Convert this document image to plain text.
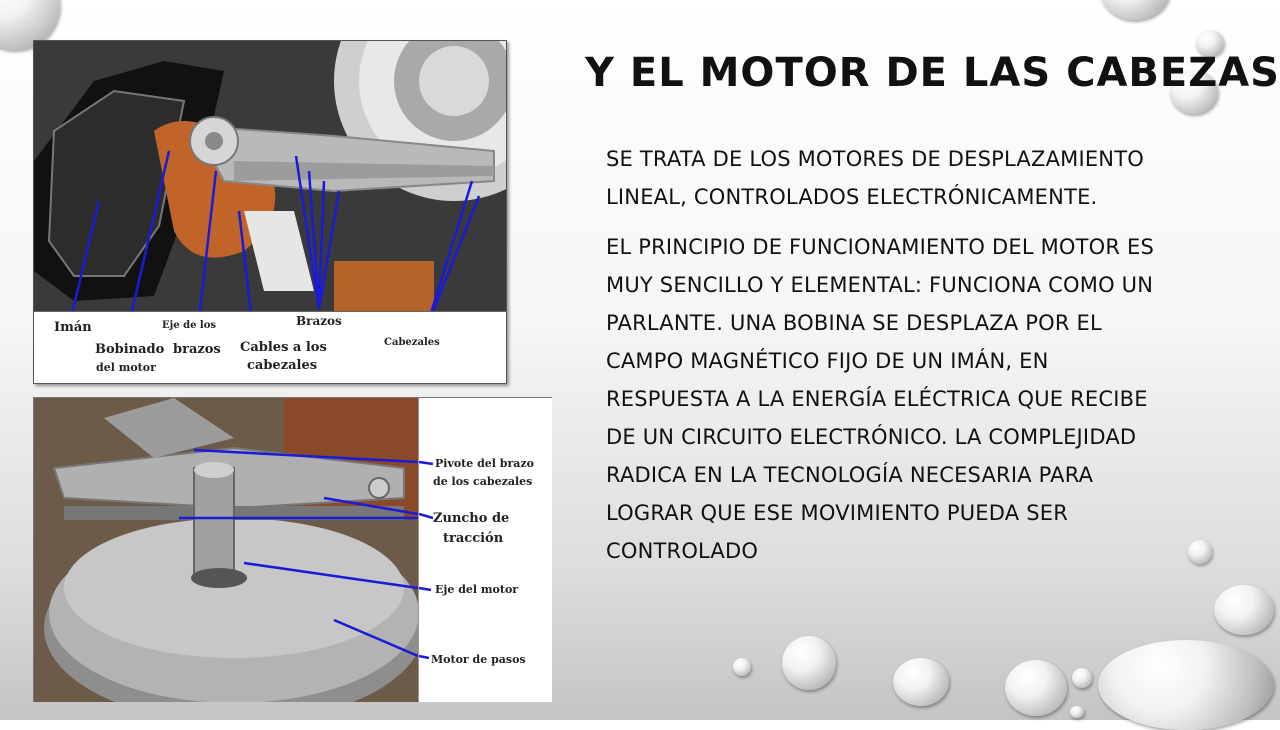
Y EL MOTOR DE LAS CABEZAS

SE TRATA DE LOS MOTORES DE DESPLAZAMIENTO LINEAL, CONTROLADOS ELECTRÓNICAMENTE.

EL PRINCIPIO DE FUNCIONAMIENTO DEL MOTOR ES MUY SENCILLO Y ELEMENTAL: FUNCIONA COMO UN PARLANTE. UNA BOBINA SE DESPLAZA POR EL CAMPO MAGNÉTICO FIJO DE UN IMÁN, EN RESPUESTA A LA ENERGÍA ELÉCTRICA QUE RECIBE DE UN CIRCUITO ELECTRÓNICO. LA COMPLEJIDAD RADICA EN LA TECNOLOGÍA NECESARIA PARA LOGRAR QUE ESE MOVIMIENTO PUEDA SER CONTROLADO

Imán
Bobinado
del motor
Eje de los
brazos Cables a los
cabezales
Brazos
Cabezales
Pivote del brazo
de los cabezales
Zuncho de
tracción
Eje del motor
Motor de pasos
